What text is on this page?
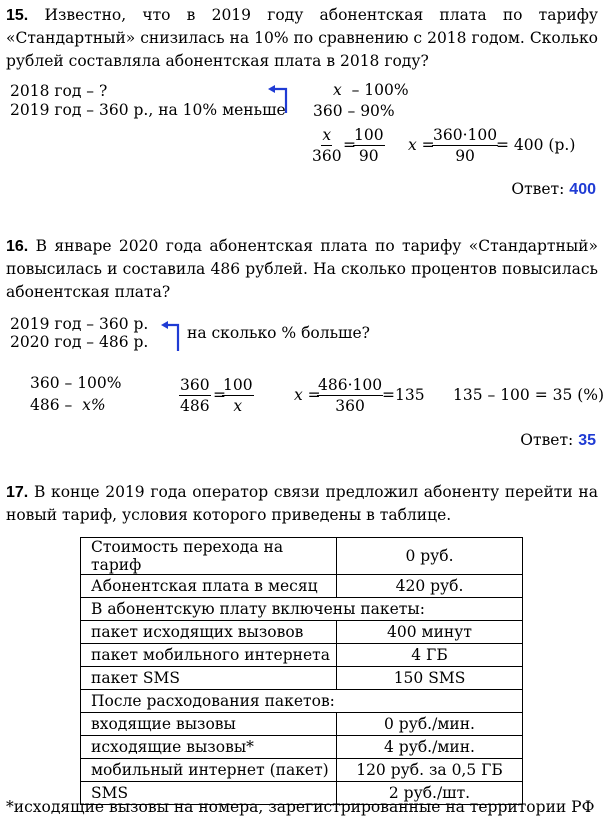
15. Известно, что в 2019 году абонентская плата по тарифу «Стандартный» снизилась на 10% по сравнению с 2018 годом. Сколько рублей составляла абонентская плата в 2018 году?
2018 год – ?
2019 год – 360 р., на 10% меньше
x – 100%
360 – 90%
$\frac{x}{360}$ =
$\frac{100}{90}$ x =
$\frac{360\cdot 100}{90}$
= 400 (р.)
Ответ: 400
16. В январе 2020 года абонентская плата по тарифу «Стандартный» повысилась и составила 486 рублей. На сколько процентов повысилась абонентская плата?
2019 год – 360 р.
2020 год – 486 р. на сколько % больше?
360 – 100%
486 – x%	$\frac{360}{486}$ =
$\frac{100}{x}$	x =
$\frac{486\cdot 100}{360}$
=135 135 – 100 = 35 (%)
Ответ: 35
17. В конце 2019 года оператор связи предложил абоненту перейти на новый тариф, условия которого приведены в таблице.
Стоимость перехода на тариф	0 руб.
Абонентская плата в месяц	420 руб.
В абонентскую плату включены пакеты:	
пакет исходящих вызовов	400 минут
пакет мобильного интернета	4 ГБ
пакет SMS	150 SMS
После расходования пакетов:	
входящие вызовы	0 руб./мин.
исходящие вызовы*	4 руб./мин.
мобильный интернет (пакет)	120 руб. за 0,5 ГБ
SMS	2 руб./шт.
*исходящие вызовы на номера, зарегистрированные на территории РФ
